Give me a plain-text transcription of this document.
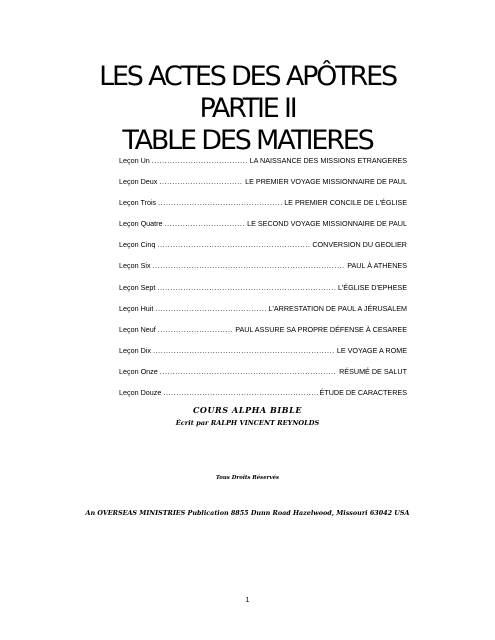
LES ACTES DES APÔTRES
PARTIE II
TABLE DES MATIERES
Leçon Un .....	LA NAISSANCE DES MISSIONS ETRANGERES
Leçon Deux .....	LE PREMIER VOYAGE MISSIONNAIRE DE PAUL
Leçon Trois .....	LE PREMIER CONCILE DE L'ÉGLISE
Leçon Quatre .....	LE SECOND VOYAGE MISSIONNAIRE DE PAUL
Leçon Cinq .....	CONVERSION DU GEOLIER
Leçon Six .....	PAUL À ATHENES
Leçon Sept .....	L'ÉGLISE D'EPHESE
Leçon Huit .....	L'ARRESTATION DE PAUL A JÉRUSALEM
Leçon Neuf .....	PAUL ASSURE SA PROPRE DÉFENSE À CESAREE
Leçon Dix .....	LE VOYAGE A ROME
Leçon Onze .....	RÉSUMÉ DE SALUT
Leçon Douze .....	ÉTUDE DE CARACTERES

COURS ALPHA BIBLE

Écrit par RALPH VINCENT REYNOLDS

Tous Droits Réservés

An OVERSEAS MINISTRIES Publication 8855 Dunn Road Hazelwood, Missouri 63042 USA

1
